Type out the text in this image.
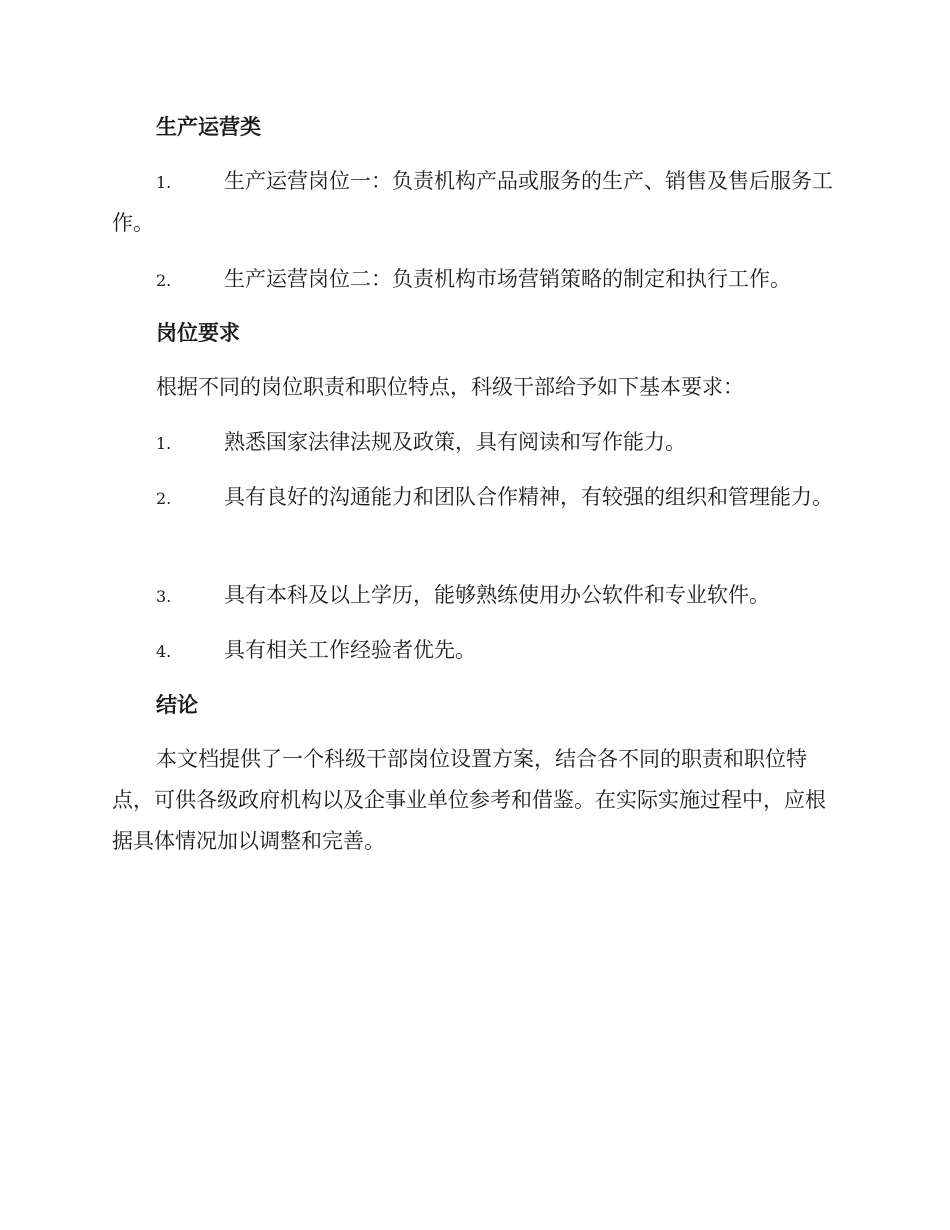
生产运营类

1.	生产运营岗位一：负责机构产品或服务的生产、销售及售后服务工作。

2.	生产运营岗位二：负责机构市场营销策略的制定和执行工作。

岗位要求

根据不同的岗位职责和职位特点，科级干部给予如下基本要求：

1.	熟悉国家法律法规及政策，具有阅读和写作能力。

2.	具有良好的沟通能力和团队合作精神，有较强的组织和管理能力。

3.	具有本科及以上学历，能够熟练使用办公软件和专业软件。

4.	具有相关工作经验者优先。

结论

本文档提供了一个科级干部岗位设置方案，结合各不同的职责和职位特点，可供各级政府机构以及企事业单位参考和借鉴。在实际实施过程中，应根据具体情况加以调整和完善。
